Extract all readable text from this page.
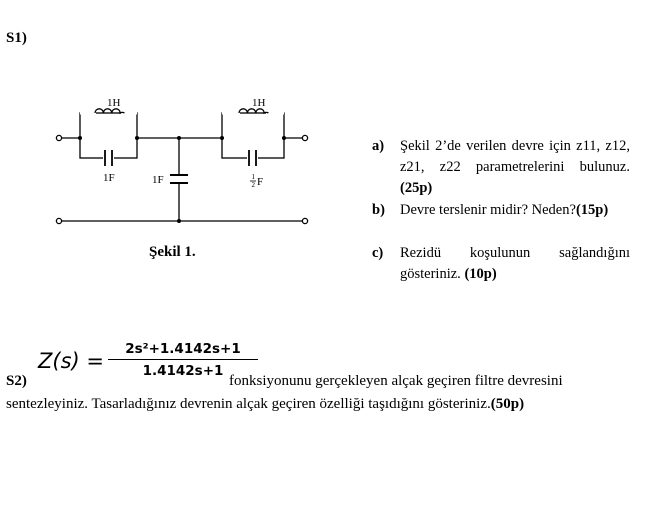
S1)
1H	1H
1F	1F	1
2 F
Şekil 1.
a) Şekil 2’de verilen devre için z11, z12, z21, z22 parametrelerini bulunuz. (25p)
b) Devre terslenir midir? Neden?(15p)
c) Rezidü koşulunun sağlandığını gösteriniz. (10p)
Z(s) =	2s²+1.4142s+1
1.4142s+1
S2)	fonksiyonunu gerçekleyen alçak geçiren filtre devresini
sentezleyiniz. Tasarladığınız devrenin alçak geçiren özelliği taşıdığını gösteriniz.(50p)
